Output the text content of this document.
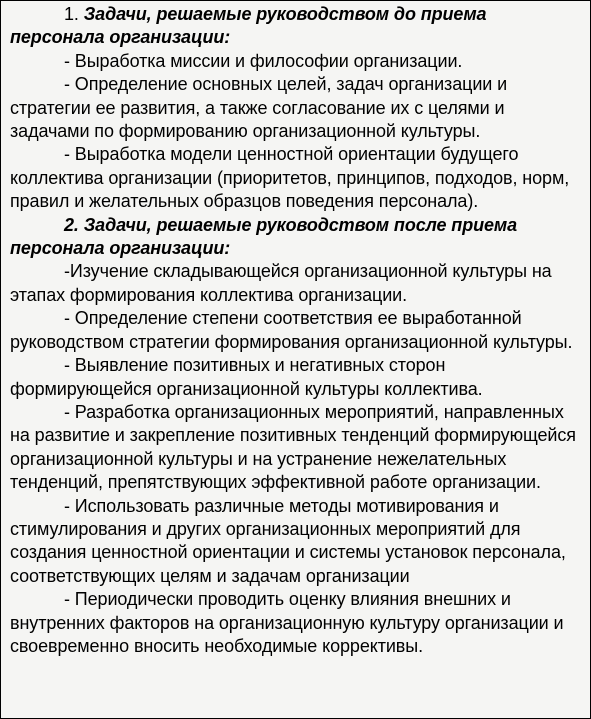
1. Задачи, решаемые руководством до приема персонала организации:

- Выработка миссии и философии организации.

- Определение основных целей, задач организации и стратегии ее развития, а также согласование их с целями и задачами по формированию организационной культуры.

- Выработка модели ценностной ориентации будущего коллектива организации (приоритетов, принципов, подходов, норм, правил и желательных образцов поведения персонала).

2. Задачи, решаемые руководством после приема персонала организации:

-Изучение складывающейся организационной культуры на этапах формирования коллектива организации.

- Определение степени соответствия ее выработанной руководством стратегии формирования организационной культуры.

- Выявление позитивных и негативных сторон формирующейся организационной культуры коллектива.

- Разработка организационных мероприятий, направленных на развитие и закрепление позитивных тенденций формирующейся организационной культуры и на устранение нежелательных тенденций, препятствующих эффективной работе организации.

- Использовать различные методы мотивирования и стимулирования и других организационных мероприятий для создания ценностной ориентации и системы установок персонала, соответствующих целям и задачам организации

- Периодически проводить оценку влияния внешних и внутренних факторов на организационную культуру организации и своевременно вносить необходимые коррективы.
